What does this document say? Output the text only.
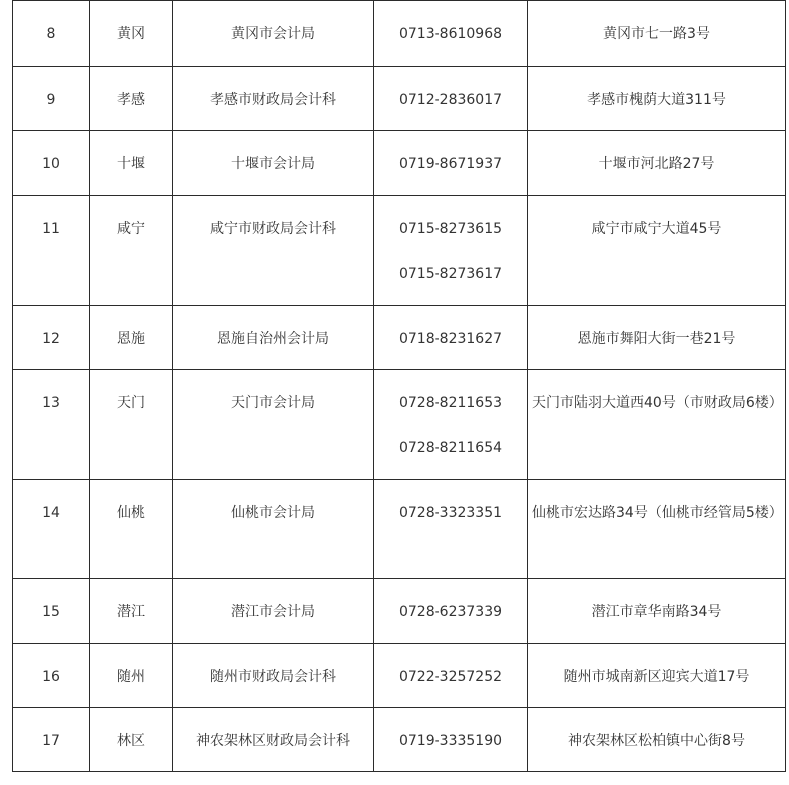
8	黄冈	黄冈市会计局	0713-8610968	黄冈市七一路3号

9	孝感	孝感市财政局会计科	0712-2836017	孝感市槐荫大道311号

10	十堰	十堰市会计局	0719-8671937	十堰市河北路27号

11	咸宁	咸宁市财政局会计科	0715-8273615
0715-8273617	咸宁市咸宁大道45号

12	恩施	恩施自治州会计局	0718-8231627	恩施市舞阳大街一巷21号

13	天门	天门市会计局	0728-8211653
0728-8211654	天门市陆羽大道西40号（市财政局6楼）

14	仙桃	仙桃市会计局	0728-3323351	仙桃市宏达路34号（仙桃市经管局5楼）

15	潜江	潜江市会计局	0728-6237339	潜江市章华南路34号

16	随州	随州市财政局会计科	0722-3257252	随州市城南新区迎宾大道17号

17	林区	神农架林区财政局会计科	0719-3335190	神农架林区松柏镇中心街8号
